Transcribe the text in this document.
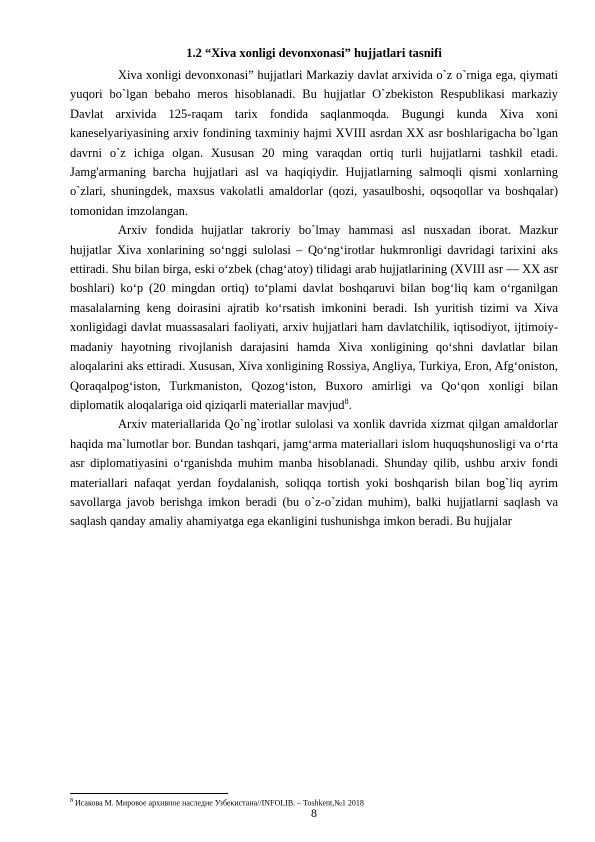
1.2 “Xiva xonligi devonxonasi” hujjatlari tasnifi

Xiva xonligi devonxonasi” hujjatlari Markaziy davlat arxivida o`z o`rniga ega, qiymati yuqori bo`lgan bebaho meros hisoblanadi. Bu hujjatlar O`zbekiston Respublikasi markaziy Davlat arxivida 125-raqam tarix fondida saqlanmoqda. Bugungi kunda Xiva xoni kaneselyariyasining arxiv fondining taxminiy hajmi XVIII asrdan XX asr boshlarigacha bo`lgan davrni o`z ichiga olgan. Xususan 20 ming varaqdan ortiq turli hujjatlarni tashkil etadi. Jamg'armaning barcha hujjatlari asl va haqiqiydir. Hujjatlarning salmoqli qismi xonlarning o`zlari, shuningdek, maxsus vakolatli amaldorlar (qozi, yasaulboshi, oqsoqollar va boshqalar) tomonidan imzolangan.

Arxiv fondida hujjatlar takroriy bo`lmay hammasi asl nusxadan iborat. Mazkur hujjatlar Xiva xonlarining so‘nggi sulolasi – Qo‘ng‘irotlar hukmronligi davridagi tarixini aks ettiradi. Shu bilan birga, eski o‘zbek (chag‘atoy) tilidagi arab hujjatlarining (XVIII asr — XX asr boshlari) ko‘p (20 mingdan ortiq) to‘plami davlat boshqaruvi bilan bog‘liq kam o‘rganilgan masalalarning keng doirasini ajratib ko‘rsatish imkonini beradi. Ish yuritish tizimi va Xiva xonligidagi davlat muassasalari faoliyati, arxiv hujjatlari ham davlatchilik, iqtisodiyot, ijtimoiy-madaniy hayotning rivojlanish darajasini hamda Xiva xonligining qo‘shni davlatlar bilan aloqalarini aks ettiradi. Xususan, Xiva xonligining Rossiya, Angliya, Turkiya, Eron, Afg‘oniston, Qoraqalpog‘iston, Turkmaniston, Qozog‘iston, Buxoro amirligi va Qo‘qon xonligi bilan diplomatik aloqalariga oid qiziqarli materiallar mavjud$^8$.

Arxiv materiallarida Qo`ng`irotlar sulolasi va xonlik davrida xizmat qilgan amaldorlar haqida ma`lumotlar bor. Bundan tashqari, jamg‘arma materiallari islom huquqshunosligi va o‘rta asr diplomatiyasini o‘rganishda muhim manba hisoblanadi. Shunday qilib, ushbu arxiv fondi materiallari nafaqat yerdan foydalanish, soliqqa tortish yoki boshqarish bilan bog`liq ayrim savollarga javob berishga imkon beradi (bu o`z-o`zidan muhim), balki hujjatlarni saqlash va saqlash qanday amaliy ahamiyatga ega ekanligini tushunishga imkon beradi. Bu hujjalar

$^8$ Исакова М. Мировое архивное наследие Узбекистана//INFOLIB. – Toshkent,№1 2018
8
